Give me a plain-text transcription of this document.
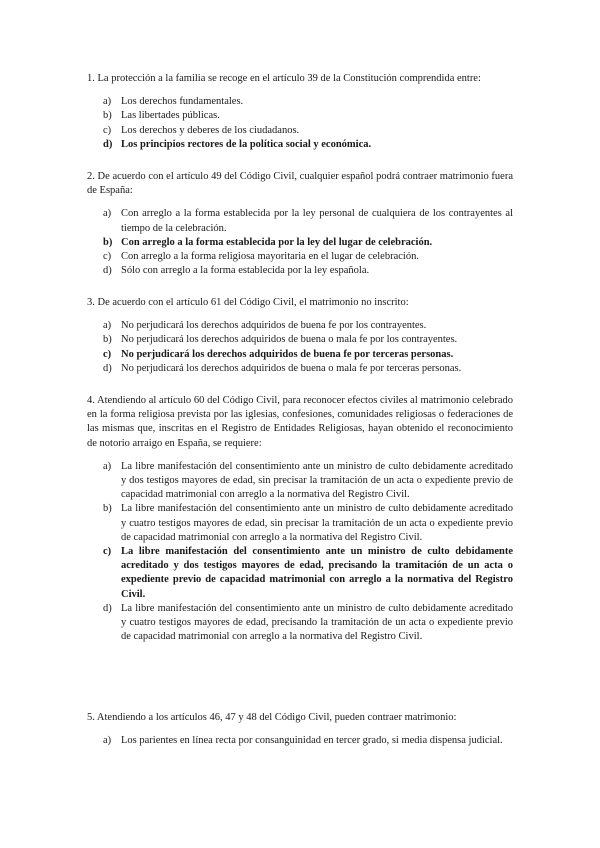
1. La protección a la familia se recoge en el artículo 39 de la Constitución comprendida entre:

a) Los derechos fundamentales.
b) Las libertades públicas.
c) Los derechos y deberes de los ciudadanos.
d) Los principios rectores de la política social y económica.

2. De acuerdo con el artículo 49 del Código Civil, cualquier español podrá contraer matrimonio fuera de España:

a) Con arreglo a la forma establecida por la ley personal de cualquiera de los contrayentes al tiempo de la celebración.
b) Con arreglo a la forma establecida por la ley del lugar de celebración.
c) Con arreglo a la forma religiosa mayoritaria en el lugar de celebración.
d) Sólo con arreglo a la forma establecida por la ley española.

3. De acuerdo con el artículo 61 del Código Civil, el matrimonio no inscrito:

a) No perjudicará los derechos adquiridos de buena fe por los contrayentes.
b) No perjudicará los derechos adquiridos de buena o mala fe por los contrayentes.
c) No perjudicará los derechos adquiridos de buena fe por terceras personas.
d) No perjudicará los derechos adquiridos de buena o mala fe por terceras personas.

4. Atendiendo al artículo 60 del Código Civil, para reconocer efectos civiles al matrimonio celebrado en la forma religiosa prevista por las iglesias, confesiones, comunidades religiosas o federaciones de las mismas que, inscritas en el Registro de Entidades Religiosas, hayan obtenido el reconocimiento de notorio arraigo en España, se requiere:

a) La libre manifestación del consentimiento ante un ministro de culto debidamente acreditado y dos testigos mayores de edad, sin precisar la tramitación de un acta o expediente previo de capacidad matrimonial con arreglo a la normativa del Registro Civil.
b) La libre manifestación del consentimiento ante un ministro de culto debidamente acreditado y cuatro testigos mayores de edad, sin precisar la tramitación de un acta o expediente previo de capacidad matrimonial con arreglo a la normativa del Registro Civil.
c) La libre manifestación del consentimiento ante un ministro de culto debidamente acreditado y dos testigos mayores de edad, precisando la tramitación de un acta o expediente previo de capacidad matrimonial con arreglo a la normativa del Registro Civil.
d) La libre manifestación del consentimiento ante un ministro de culto debidamente acreditado y cuatro testigos mayores de edad, precisando la tramitación de un acta o expediente previo de capacidad matrimonial con arreglo a la normativa del Registro Civil.

5. Atendiendo a los artículos 46, 47 y 48 del Código Civil, pueden contraer matrimonio:

a) Los parientes en línea recta por consanguinidad en tercer grado, si media dispensa judicial.
